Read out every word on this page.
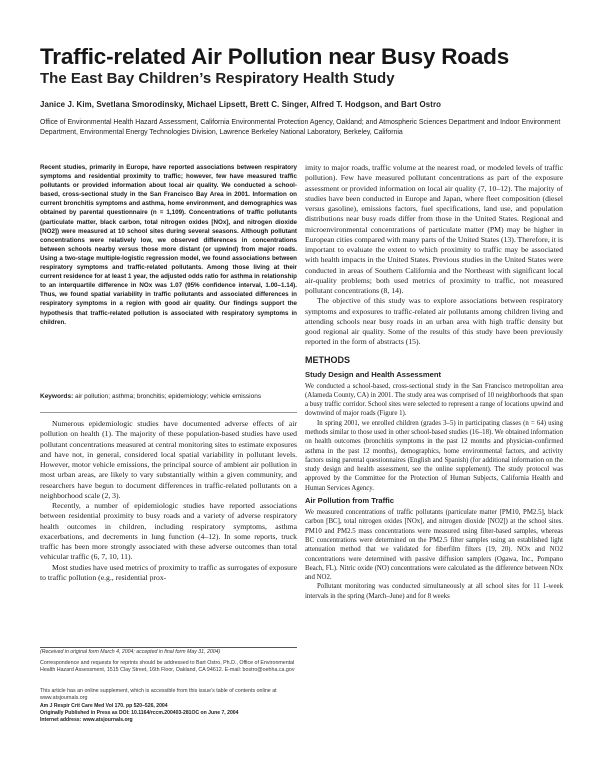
Traffic-related Air Pollution near Busy Roads
The East Bay Children’s Respiratory Health Study
Janice J. Kim, Svetlana Smorodinsky, Michael Lipsett, Brett C. Singer, Alfred T. Hodgson, and Bart Ostro
Office of Environmental Health Hazard Assessment, California Environmental Protection Agency, Oakland; and Atmospheric Sciences Department and Indoor Environment Department, Environmental Energy Technologies Division, Lawrence Berkeley National Laboratory, Berkeley, California
Recent studies, primarily in Europe, have reported associations between respiratory symptoms and residential proximity to traffic; however, few have measured traffic pollutants or provided information about local air quality. We conducted a school-based, cross-sectional study in the San Francisco Bay Area in 2001. Information on current bronchitis symptoms and asthma, home environment, and demographics was obtained by parental questionnaire (n = 1,109). Concentrations of traffic pollutants (particulate matter, black carbon, total nitrogen oxides [NOx], and nitrogen dioxide [NO2]) were measured at 10 school sites during several seasons. Although pollutant concentrations were relatively low, we observed differences in concentrations between schools nearby versus those more distant (or upwind) from major roads. Using a two-stage multiple-logistic regression model, we found associations between respiratory symptoms and traffic-related pollutants. Among those living at their current residence for at least 1 year, the adjusted odds ratio for asthma in relationship to an interquartile difference in NOx was 1.07 (95% confidence interval, 1.00–1.14). Thus, we found spatial variability in traffic pollutants and associated differences in respiratory symptoms in a region with good air quality. Our findings support the hypothesis that traffic-related pollution is associated with respiratory symptoms in children.
Keywords: air pollution; asthma; bronchitis; epidemiology; vehicle emissions

Numerous epidemiologic studies have documented adverse effects of air pollution on health (1). The majority of these population-based studies have used pollutant concentrations measured at central monitoring sites to estimate exposures and have not, in general, considered local spatial variability in pollutant levels. However, motor vehicle emissions, the principal source of ambient air pollution in most urban areas, are likely to vary substantially within a given community, and researchers have begun to document differences in traffic-related pollutants on a neighborhood scale (2, 3).

Recently, a number of epidemiologic studies have reported associations between residential proximity to busy roads and a variety of adverse respiratory health outcomes in children, including respiratory symptoms, asthma exacerbations, and decrements in lung function (4–12). In some reports, truck traffic has been more strongly associated with these adverse outcomes than total vehicular traffic (6, 7, 10, 11).

Most studies have used metrics of proximity to traffic as surrogates of exposure to traffic pollution (e.g., residential prox-

(Received in original form March 4, 2004; accepted in final form May 31, 2004)
Correspondence and requests for reprints should be addressed to Bart Ostro, Ph.D., Office of Environmental Health Hazard Assessment, 1515 Clay Street, 16th Floor, Oakland, CA 94612. E-mail: bostro@oehha.ca.gov
This article has an online supplement, which is accessible from this issue’s table of contents online at www.atsjournals.org
Am J Respir Crit Care Med Vol 170. pp 520–526, 2004
Originally Published in Press as DOI: 10.1164/rccm.200403-281OC on June 7, 2004
Internet address: www.atsjournals.org

imity to major roads, traffic volume at the nearest road, or modeled levels of traffic pollution). Few have measured pollutant concentrations as part of the exposure assessment or provided information on local air quality (7, 10–12). The majority of studies have been conducted in Europe and Japan, where fleet composition (diesel versus gasoline), emissions factors, fuel specifications, land use, and population distributions near busy roads differ from those in the United States. Regional and microenvironmental concentrations of particulate matter (PM) may be higher in European cities compared with many parts of the United States (13). Therefore, it is important to evaluate the extent to which proximity to traffic may be associated with health impacts in the United States. Previous studies in the United States were conducted in areas of Southern California and the Northeast with significant local air-quality problems; both used metrics of proximity to traffic, not measured pollutant concentrations (8, 14).

The objective of this study was to explore associations between respiratory symptoms and exposures to traffic-related air pollutants among children living and attending schools near busy roads in an urban area with high traffic density but good regional air quality. Some of the results of this study have been previously reported in the form of abstracts (15).

METHODS
Study Design and Health Assessment

We conducted a school-based, cross-sectional study in the San Francisco metropolitan area (Alameda County, CA) in 2001. The study area was comprised of 10 neighborhoods that span a busy traffic corridor. School sites were selected to represent a range of locations upwind and downwind of major roads (Figure 1).

In spring 2001, we enrolled children (grades 3–5) in participating classes (n = 64) using methods similar to those used in other school-based studies (16–18). We obtained information on health outcomes (bronchitis symptoms in the past 12 months and physician-confirmed asthma in the past 12 months), demographics, home environmental factors, and activity factors using parental questionnaires (English and Spanish) (for additional information on the study design and health assessment, see the online supplement). The study protocol was approved by the Committee for the Protection of Human Subjects, California Health and Human Services Agency.

Air Pollution from Traffic

We measured concentrations of traffic pollutants (particulate matter [PM10, PM2.5], black carbon [BC], total nitrogen oxides [NOx], and nitrogen dioxide [NO2]) at the school sites. PM10 and PM2.5 mass concentrations were measured using filter-based samples, whereas BC concentrations were determined on the PM2.5 filter samples using an established light attenuation method that we validated for fiberfilm filters (19, 20). NOx and NO2 concentrations were determined with passive diffusion samplers (Ogawa, Inc., Pompano Beach, FL). Nitric oxide (NO) concentrations were calculated as the difference between NOx and NO2.

Pollutant monitoring was conducted simultaneously at all school sites for 11 1-week intervals in the spring (March–June) and for 8 weeks
